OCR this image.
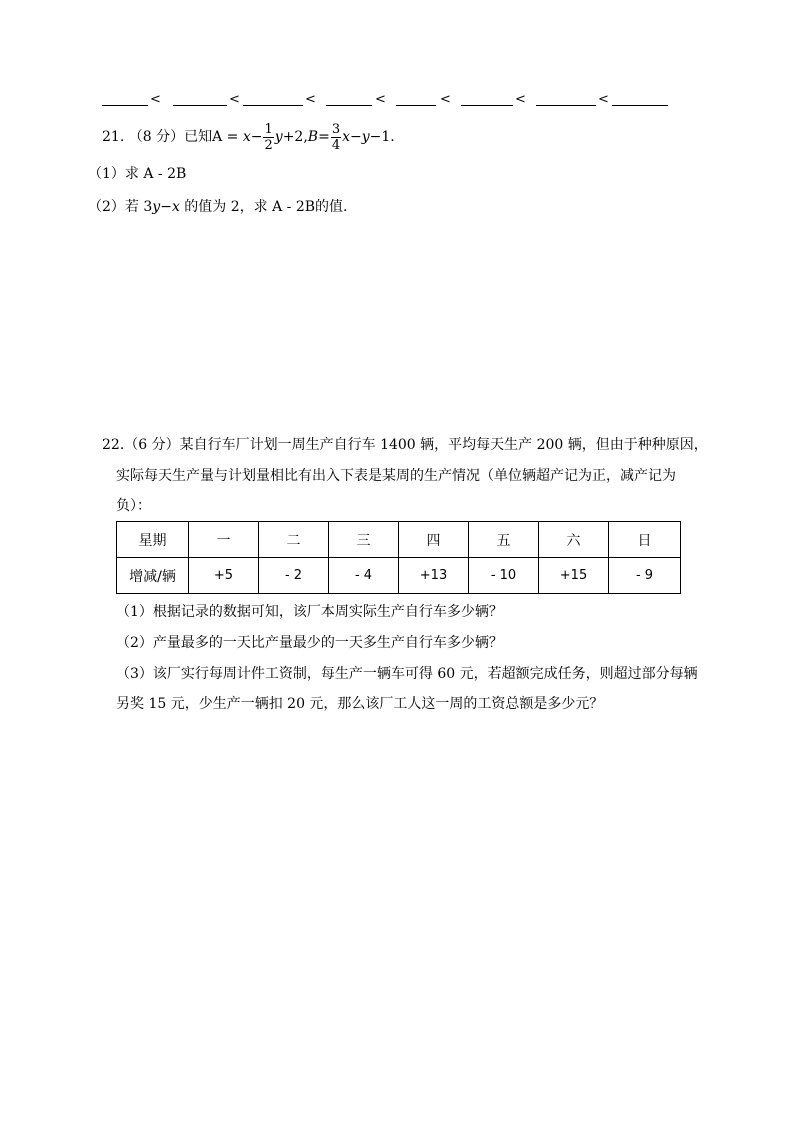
<	<	<	<	<	<	<
21. （8 分）已知$A = x- \frac{1}{2} y+2,B= \frac{3}{4} x-y-1$.
（1）求 A - 2B
（2）若 3y−x 的值为 2，求 A - 2B的值.
22.（6 分）某自行车厂计划一周生产自行车 1400 辆，平均每天生产 200 辆，但由于种种原因，
实际每天生产量与计划量相比有出入下表是某周的生产情况（单位辆超产记为正，减产记为
负）：
星期	一	二	三	四	五	六	日
增减/辆	+5	- 2	- 4	+13	- 10	+15	- 9
（1）根据记录的数据可知，该厂本周实际生产自行车多少辆？
（2）产量最多的一天比产量最少的一天多生产自行车多少辆？
（3）该厂实行每周计件工资制，每生产一辆车可得 60 元，若超额完成任务，则超过部分每辆
另奖 15 元，少生产一辆扣 20 元，那么该厂工人这一周的工资总额是多少元？
